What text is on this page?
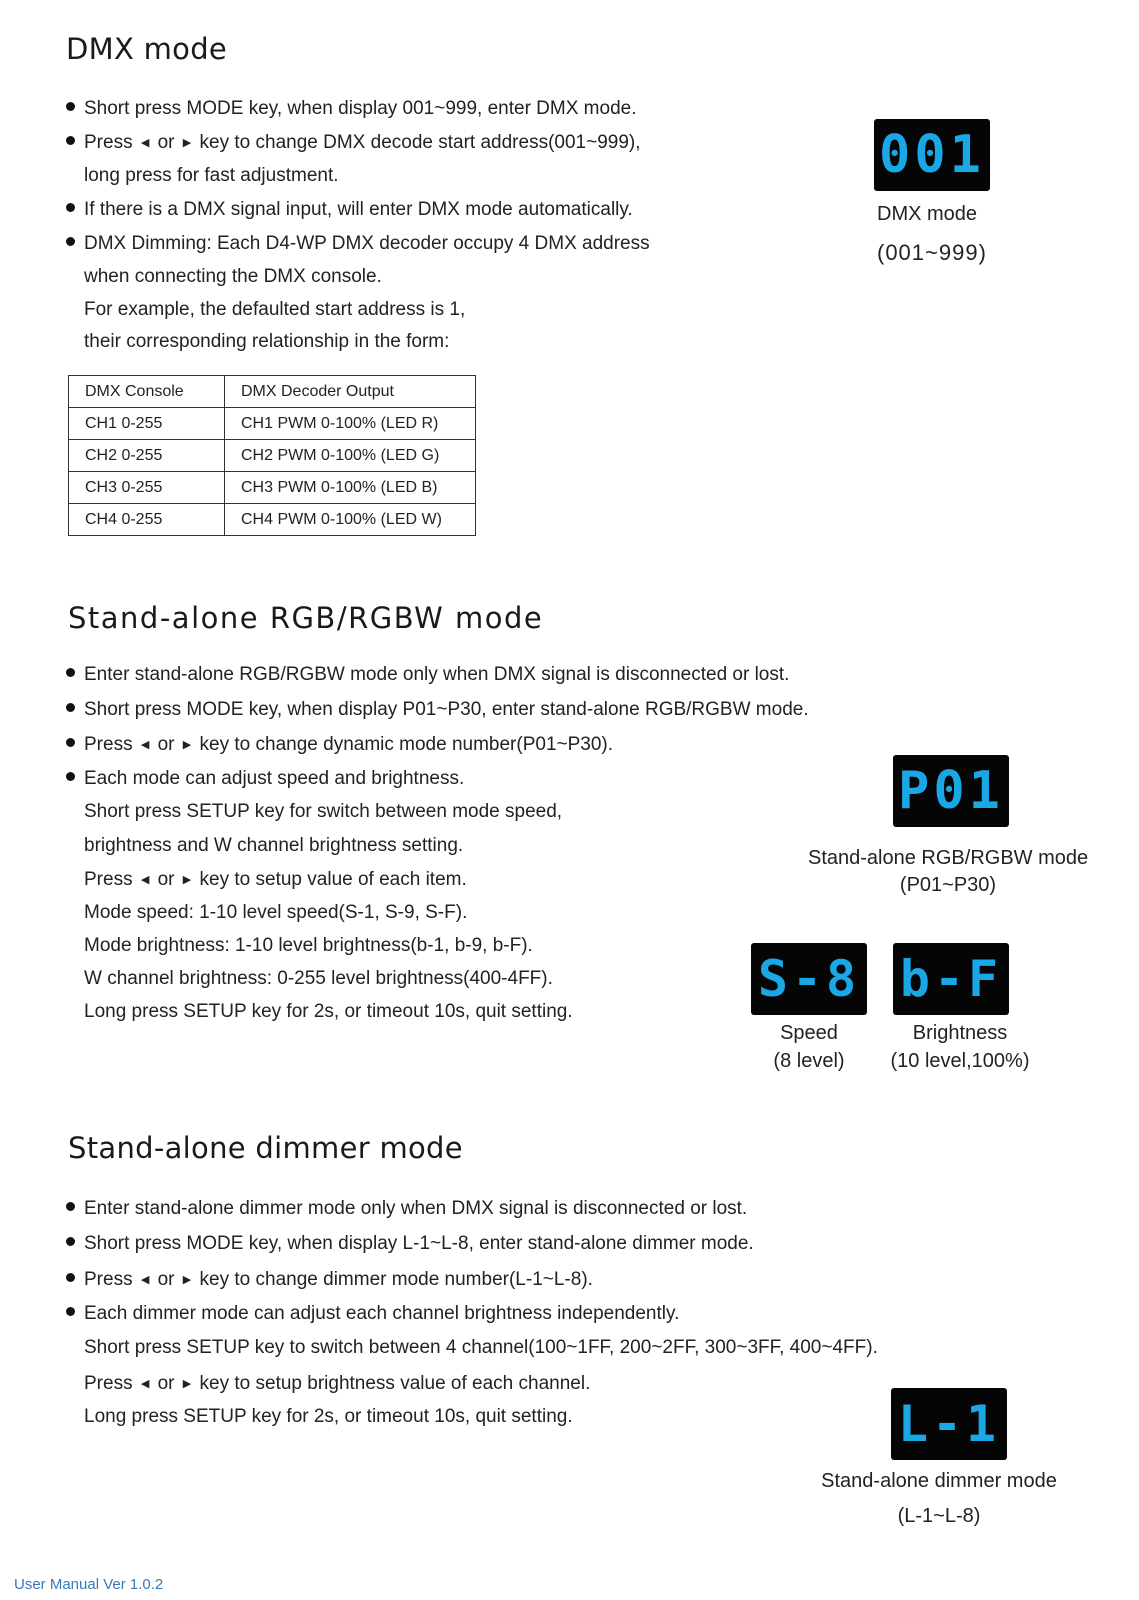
DMX mode
Short press MODE key, when display 001~999, enter DMX mode.
Press ◀ or ▶ key to change DMX decode start address(001~999),
long press for fast adjustment.
If there is a DMX signal input, will enter DMX mode automatically.
DMX Dimming: Each D4-WP DMX decoder occupy 4 DMX address
when connecting the DMX console.
For example, the defaulted start address is 1,
their corresponding relationship in the form:
DMX Console	DMX Decoder Output
CH1 0-255	CH1 PWM 0-100% (LED R)
CH2 0-255	CH2 PWM 0-100% (LED G)
CH3 0-255	CH3 PWM 0-100% (LED B)
CH4 0-255	CH4 PWM 0-100% (LED W)
001
DMX mode
(001~999)
Stand-alone RGB/RGBW mode
Enter stand-alone RGB/RGBW mode only when DMX signal is disconnected or lost.
Short press MODE key, when display P01~P30, enter stand-alone RGB/RGBW mode.
Press ◀ or ▶ key to change dynamic mode number(P01~P30).
Each mode can adjust speed and brightness.
Short press SETUP key for switch between mode speed,
brightness and W channel brightness setting.
Press ◀ or ▶ key to setup value of each item.
Mode speed: 1-10 level speed(S-1, S-9, S-F).
Mode brightness: 1-10 level brightness(b-1, b-9, b-F).
W channel brightness: 0-255 level brightness(400-4FF).
Long press SETUP key for 2s, or timeout 10s, quit setting.
P01
Stand-alone RGB/RGBW mode
(P01~P30)
S-8 b-F
Speed
(8 level)
Brightness
(10 level,100%)
Stand-alone dimmer mode
Enter stand-alone dimmer mode only when DMX signal is disconnected or lost.
Short press MODE key, when display L-1~L-8, enter stand-alone dimmer mode.
Press ◀ or ▶ key to change dimmer mode number(L-1~L-8).
Each dimmer mode can adjust each channel brightness independently.
Short press SETUP key to switch between 4 channel(100~1FF, 200~2FF, 300~3FF, 400~4FF).
Press ◀ or ▶ key to setup brightness value of each channel.
Long press SETUP key for 2s, or timeout 10s, quit setting.	L-1
Stand-alone dimmer mode
(L-1~L-8)
User Manual Ver 1.0.2
